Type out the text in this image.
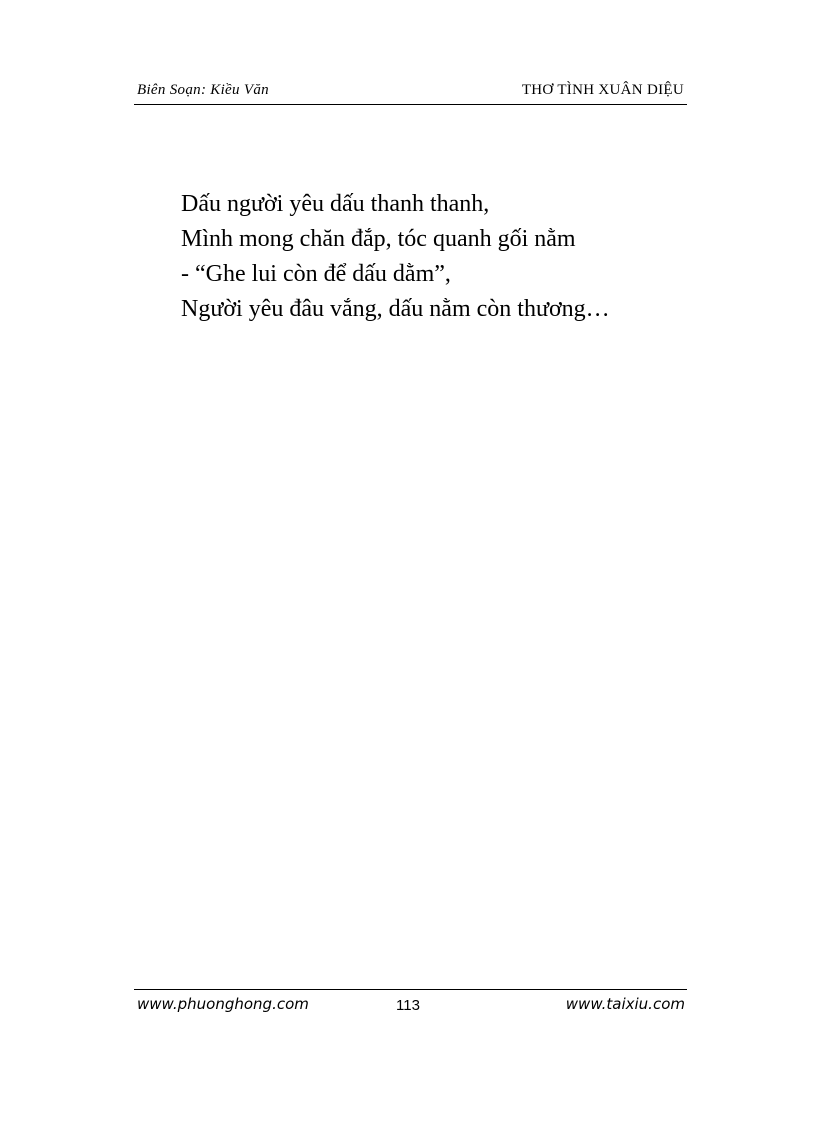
Biên Soạn: Kiều Văn	THƠ TÌNH XUÂN DIỆU
Dấu người yêu dấu thanh thanh,
Mình mong chăn đắp, tóc quanh gối nằm
- “Ghe lui còn để dấu dằm”,
Người yêu đâu vắng, dấu nằm còn thương…
www.phuonghong.com	113	www.taixiu.com
